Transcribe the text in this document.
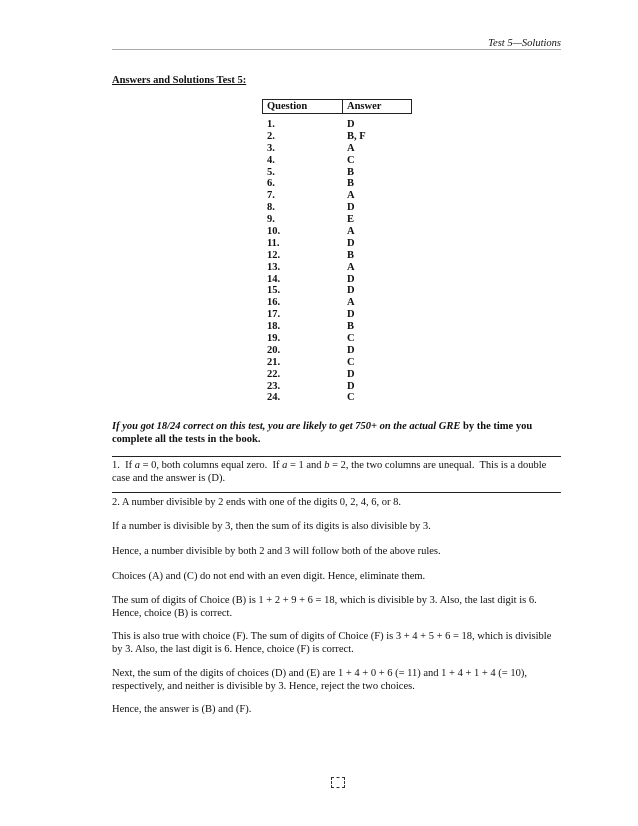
Test 5—Solutions
Answers and Solutions Test 5:
Question	Answer
1.	D
2.	B, F
3.	A
4.	C
5.	B
6.	B
7.	A
8.	D
9.	E
10.	A
11.	D
12.	B
13.	A
14.	D
15.	D
16.	A
17.	D
18.	B
19.	C
20.	D
21.	C
22.	D
23.	D
24.	C
If you got 18/24 correct on this test, you are likely to get 750+ on the actual GRE by the time you complete all the tests in the book.
1.  If a = 0, both columns equal zero.  If a = 1 and b = 2, the two columns are unequal.  This is a double case and the answer is (D).
2. A number divisible by 2 ends with one of the digits 0, 2, 4, 6, or 8.
If a number is divisible by 3, then the sum of its digits is also divisible by 3.
Hence, a number divisible by both 2 and 3 will follow both of the above rules.
Choices (A) and (C) do not end with an even digit. Hence, eliminate them.
The sum of digits of Choice (B) is 1 + 2 + 9 + 6 = 18, which is divisible by 3. Also, the last digit is 6. Hence, choice (B) is correct.
This is also true with choice (F). The sum of digits of Choice (F) is 3 + 4 + 5 + 6 = 18, which is divisible by 3. Also, the last digit is 6. Hence, choice (F) is correct.
Next, the sum of the digits of choices (D) and (E) are 1 + 4 + 0 + 6 (= 11) and 1 + 4 + 1 + 4 (= 10), respectively, and neither is divisible by 3. Hence, reject the two choices.
Hence, the answer is (B) and (F).
